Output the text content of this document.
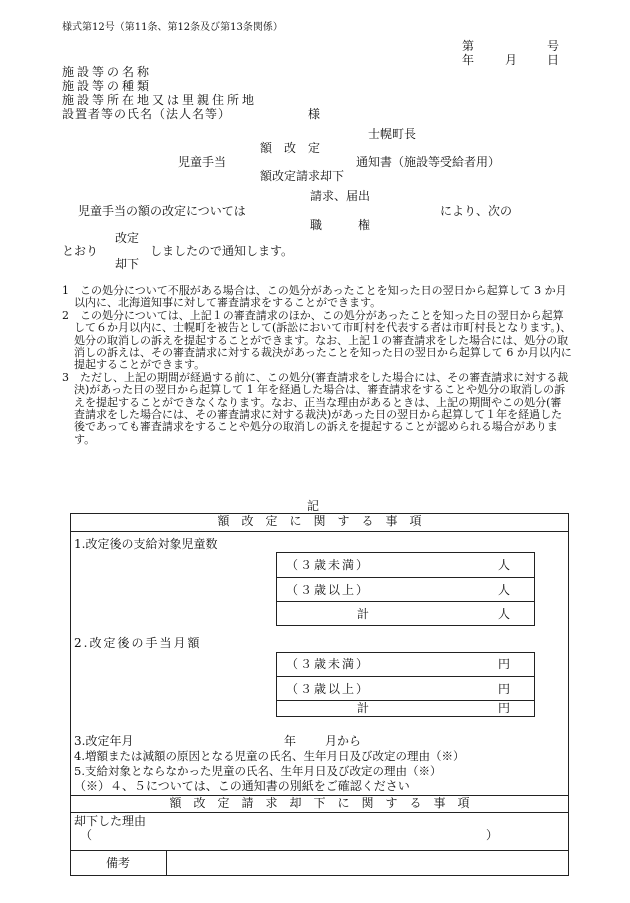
様式第12号（第11条、第12条及び第13条関係）
第	号
年	月 日
施設等の名称
施設等の種類
施設等所在地又は里親住所地
設置者等の氏名（法人名等）	様
士幌町長
額　改　定
児童手当	通知書（施設等受給者用）
額改定請求却下
請求、届出
児童手当の額の改定については	により、次の
職　　　権
改定
とおり	しましたので通知します。
却下

1　この処分について不服がある場合は、この処分があったことを知った日の翌日から起算して 3 か月以内に、北海道知事に対して審査請求をすることができます。

2　この処分については、上記１の審査請求のほか、この処分があったことを知った日の翌日から起算して６か月以内に、士幌町を被告として(訴訟において市町村を代表する者は市町村長となります。)、処分の取消しの訴えを提起することができます。なお、上記１の審査請求をした場合には、処分の取消しの訴えは、その審査請求に対する裁決があったことを知った日の翌日から起算して 6 か月以内に提起することができます。

3　ただし、上記の期間が経過する前に、この処分(審査請求をした場合には、その審査請求に対する裁決)があった日の翌日から起算して 1 年を経過した場合は、審査請求をすることや処分の取消しの訴えを提起することができなくなります。なお、正当な理由があるときは、上記の期間やこの処分(審査請求をした場合には、その審査請求に対する裁決)があった日の翌日から起算して１年を経過した後であっても審査請求をすることや処分の取消しの訴えを提起することが認められる場合があります。

記
額　改　定　に　関　す　る　事　項
1.改定後の支給対象児童数
（３歳未満）	人
（３歳以上）	人
計	人
2.改定後の手当月額
（３歳未満）	円
（３歳以上）	円
計	円
3.改定年月	年 月から
4.増額または減額の原因となる児童の氏名、生年月日及び改定の理由（※）
5.支給対象とならなかった児童の氏名、生年月日及び改定の理由（※）
（※）４、５については、この通知書の別紙をご確認ください
額　改　定　請　求　却　下　に　関　す　る　事　項
却下した理由
（	）
備考
